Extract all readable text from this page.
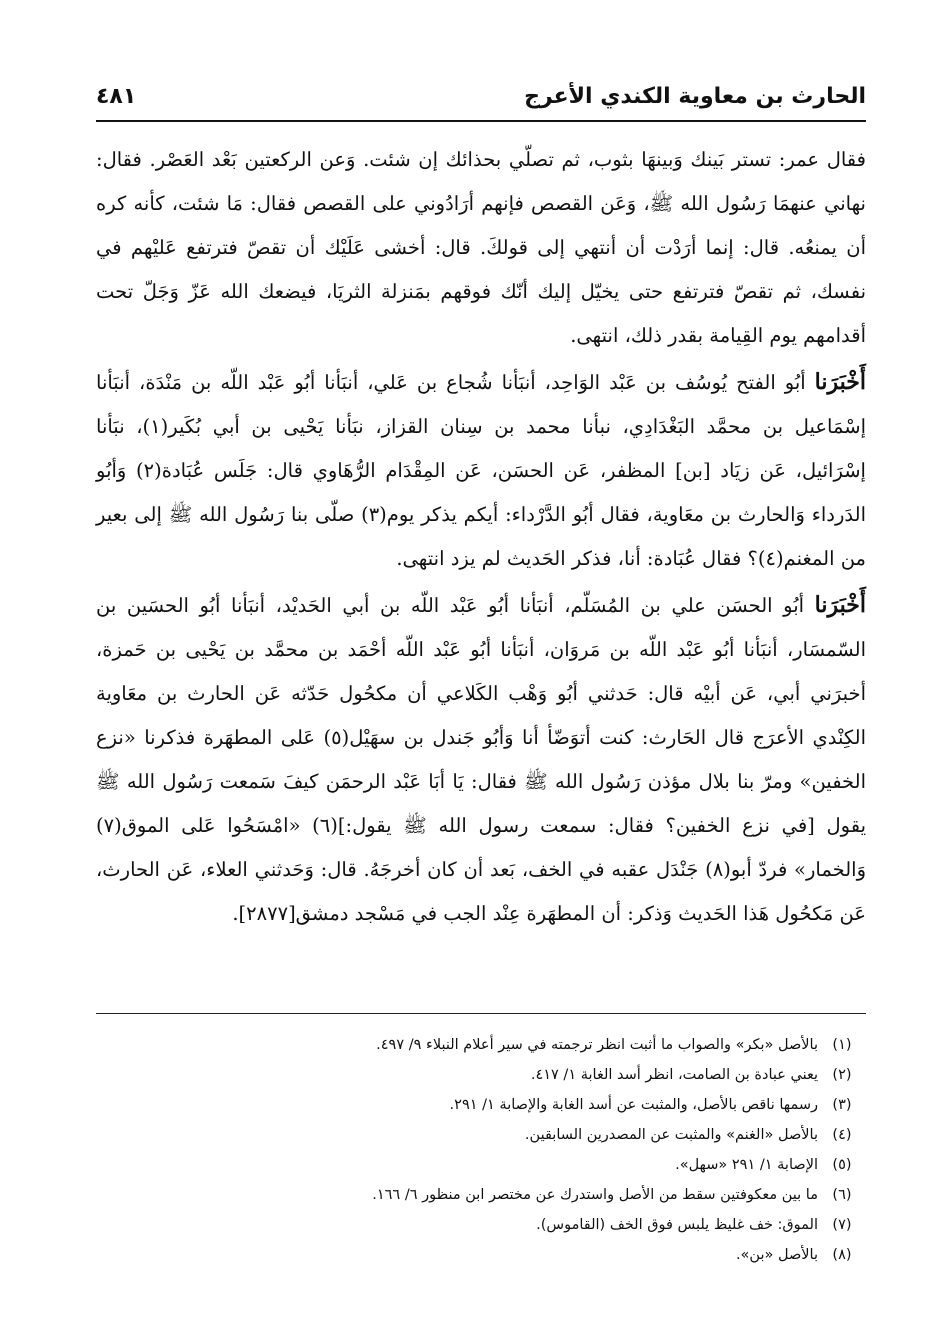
الحارث بن معاوية الكندي الأعرج
٤٨١

فقال عمر: تستر بَينك وَبينهَا بثوب، ثم تصلّي بحذائك إن شئت. وَعن الركعتين بَعْد العَصْر. فقال: نهاني عنهمَا رَسُول الله ﷺ، وَعَن القصص فإنهم أرَادُوني على القصص فقال: مَا شئت، كأنه كره أن يمنعُه. قال: إنما أرَدْت أن أنتهي إلى قولكَ. قال: أخشى عَلَيْك أن تقصّ فترتفع عَليْهم في نفسك، ثم تقصّ فترتفع حتى يخيّل إليك أنّك فوقهم بمَنزلة الثريَا، فيضعك الله عَزّ وَجَلّ تحت أقدامهم يوم القِيامة بقدر ذلك، انتهى.

أَخْبَرَنا أبُو الفتح يُوسُف بن عَبْد الوَاحِد، أنبَأنا شُجاع بن عَلي، أنبَأنا أبُو عَبْد اللّه بن مَنْدَة، أنبَأنا إسْمَاعيل بن محمَّد البَغْدَادِي، نبأنا محمد بن سِنان القزاز، نبَأنا يَحْيى بن أبي بُكَير(١)، نبَأنا إسْرَائيل، عَن زيَاد [بن] المظفر، عَن الحسَن، عَن المِقْدَام الرُّهَاوي قال: جَلَس عُبَادة(٢) وَأبُو الدَرداء وَالحارث بن معَاوية، فقال أبُو الدَّرْداء: أيكم يذكر يوم(٣) صلّى بنا رَسُول الله ﷺ إلى بعير من المغنم(٤)؟ فقال عُبَادة: أنا، فذكر الحَديث لم يزد انتهى.

أَخْبَرَنا أبُو الحسَن علي بن المُسَلّم، أنبَأنا أبُو عَبْد اللّه بن أبي الحَديْد، أنبَأنا أبُو الحسَين بن السّمسَار، أنبَأنا أبُو عَبْد اللّه بن مَروَان، أنبَأنا أبُو عَبْد اللّه أحْمَد بن محمَّد بن يَحْيى بن حَمزة، أخبرَني أبي، عَن أبيْه قال: حَدثني أبُو وَهْب الكَلاعي أن مكحُول حَدّثه عَن الحارث بن معَاوية الكِنْدي الأعرَج قال الحَارث: كنت أتوَضّأ أنا وَأبُو جَندل بن سهَيْل(٥) عَلى المطهَرة فذكرنا «نزع الخفين» ومرّ بنا بلال مؤذن رَسُول الله ﷺ فقال: يَا أبَا عَبْد الرحمَن كيفَ سَمعت رَسُول الله ﷺ يقول [في نزع الخفين؟ فقال: سمعت رسول الله ﷺ يقول:](٦) «امْسَحُوا عَلى الموق(٧) وَالخمار» فردّ أبو(٨) جَنْدَل عقبه في الخف، بَعد أن كان أخرجَهُ. قال: وَحَدثني العلاء، عَن الحارث، عَن مَكحُول هَذا الحَديث وَذكر: أن المطهَرة عِنْد الجب في مَسْجد دمشق[٢٨٧٧].

(١)
بالأصل «بكر» والصواب ما أثبت انظر ترجمته في سير أعلام النبلاء ٩/ ٤٩٧.
(٢)
يعني عبادة بن الصامت، انظر أسد الغابة ١/ ٤١٧.
(٣)
رسمها ناقص بالأصل، والمثبت عن أسد الغابة والإصابة ١/ ٢٩١.
(٤)
بالأصل «الغنم» والمثبت عن المصدرين السابقين.
(٥)
الإصابة ١/ ٢٩١ «سهل».
(٦)
ما بين معكوفتين سقط من الأصل واستدرك عن مختصر ابن منظور ٦/ ١٦٦.
(٧)
الموق: خف غليظ يلبس فوق الخف (القاموس).
(٨)
بالأصل «بن».
